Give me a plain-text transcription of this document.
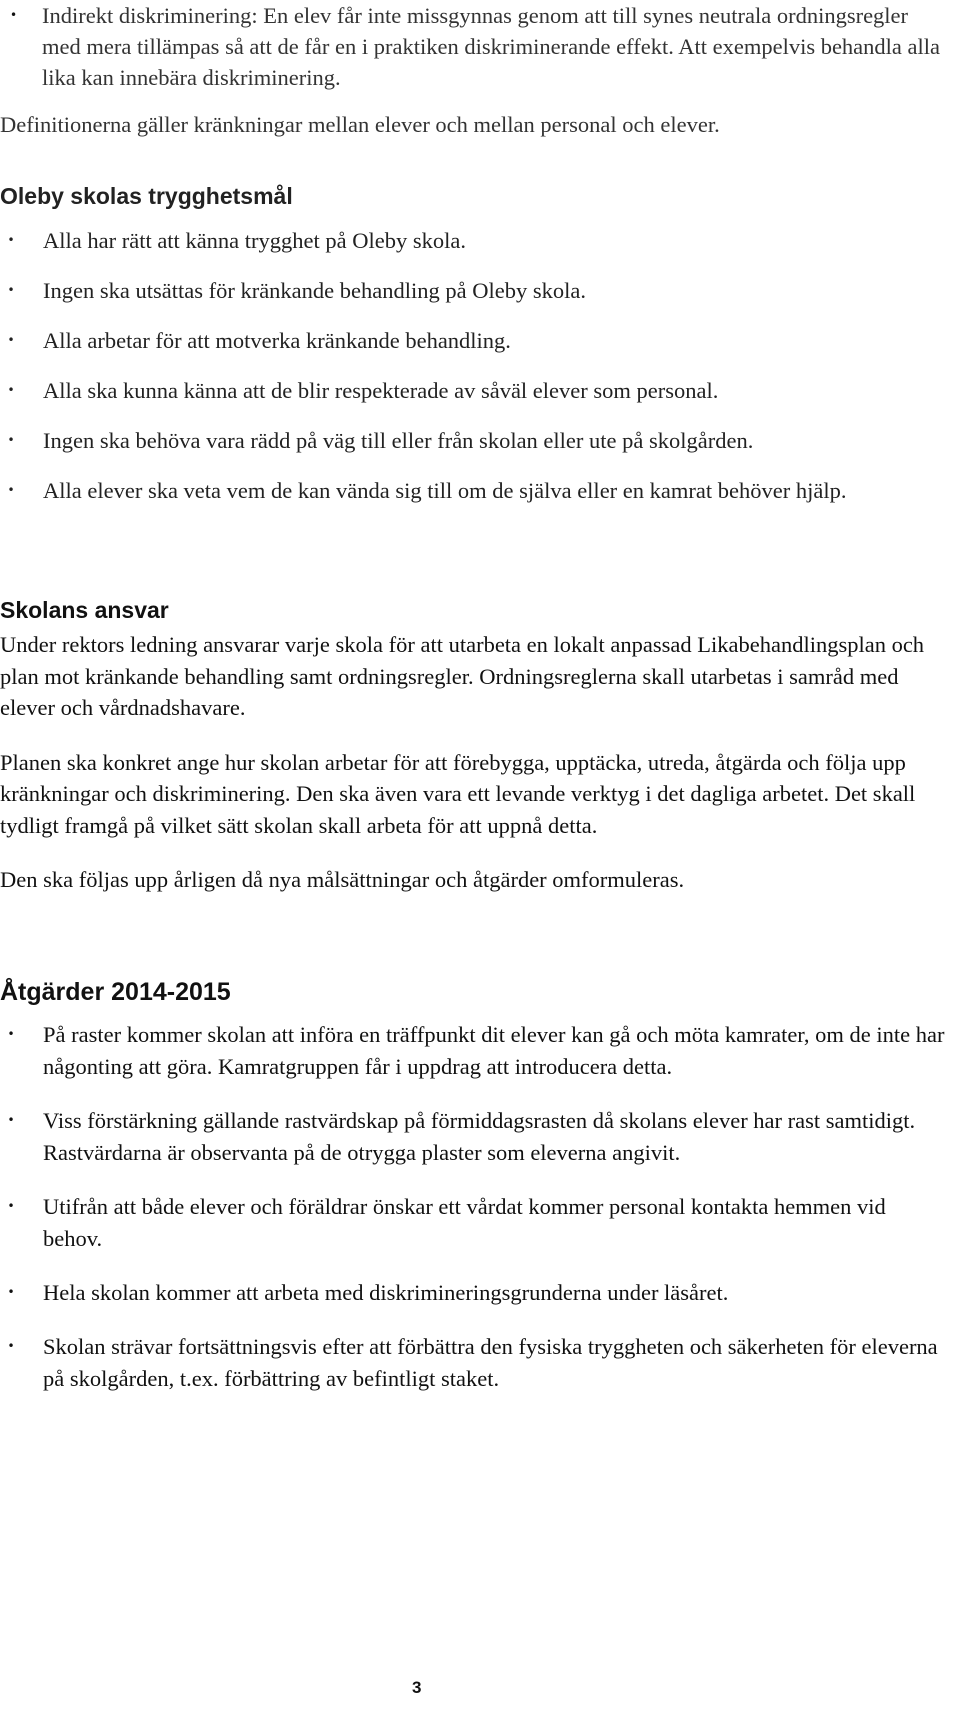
• Indirekt diskriminering: En elev får inte missgynnas genom att till synes neutrala ordningsregler med mera tillämpas så att de får en i praktiken diskriminerande effekt. Att exempelvis behandla alla lika kan innebära diskriminering.

Definitionerna gäller kränkningar mellan elever och mellan personal och elever.

Oleby skolas trygghetsmål
• Alla har rätt att känna trygghet på Oleby skola.
• Ingen ska utsättas för kränkande behandling på Oleby skola.
• Alla arbetar för att motverka kränkande behandling.
• Alla ska kunna känna att de blir respekterade av såväl elever som personal.
• Ingen ska behöva vara rädd på väg till eller från skolan eller ute på skolgården.
• Alla elever ska veta vem de kan vända sig till om de själva eller en kamrat behöver hjälp.
Skolans ansvar

Under rektors ledning ansvarar varje skola för att utarbeta en lokalt anpassad Likabehandlingsplan och plan mot kränkande behandling samt ordningsregler. Ordningsreglerna skall utarbetas i samråd med elever och vårdnadshavare.

Planen ska konkret ange hur skolan arbetar för att förebygga, upptäcka, utreda, åtgärda och följa upp kränkningar och diskriminering. Den ska även vara ett levande verktyg i det dagliga arbetet. Det skall tydligt framgå på vilket sätt skolan skall arbeta för att uppnå detta.

Den ska följas upp årligen då nya målsättningar och åtgärder omformuleras.

Åtgärder 2014-2015
• På raster kommer skolan att införa en träffpunkt dit elever kan gå och möta kamrater, om de inte har någonting att göra. Kamratgruppen får i uppdrag att introducera detta.
• Viss förstärkning gällande rastvärdskap på förmiddagsrasten då skolans elever har rast samtidigt. Rastvärdarna är observanta på de otrygga plaster som eleverna angivit.
• Utifrån att både elever och föräldrar önskar ett vårdat kommer personal kontakta hemmen vid behov.
• Hela skolan kommer att arbeta med diskrimineringsgrunderna under läsåret.
• Skolan strävar fortsättningsvis efter att förbättra den fysiska tryggheten och säkerheten för eleverna på skolgården, t.ex. förbättring av befintligt staket.
3
